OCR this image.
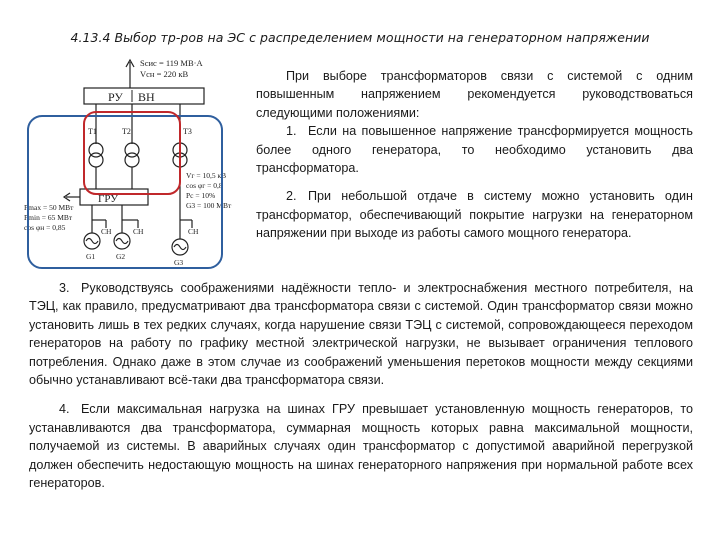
4.13.4 Выбор тр-ров на ЭС с распределением мощности на генераторном напряжении
Sсис = 119 МВ·А
Vсн = 220 кВ
РУ ВН
Т1	Т2	Т3
ГРУ
Pmax = 50 МВт
Pmin = 65 МВт
cos φн = 0,85
Vг = 10,5 кВ
cos φг = 0,8
Pс = 10%
G3 = 100 МВт
СН	СН	СН
G1	G2
G3

При выборе трансформаторов связи с системой с одним повышенным напряжением рекомендуется руководствоваться следующими положениями:

1. Если на повышенное напряжение трансформируется мощность более одного генератора, то необходимо установить два трансформатора.

2. При небольшой отдаче в систему можно установить один трансформатор, обеспечивающий покрытие нагрузки на генераторном напряжении при выходе из работы самого мощного генератора.

3. Руководствуясь соображениями надёжности тепло- и электроснабжения местного потребителя, на ТЭЦ, как правило, предусматривают два трансформатора связи с системой. Один трансформатор связи можно установить лишь в тех редких случаях, когда нарушение связи ТЭЦ с системой, сопровождающееся переходом генераторов на работу по графику местной электрической нагрузки, не вызывает ограничения теплового потребления. Однако даже в этом случае из соображений уменьшения перетоков мощности между секциями обычно устанавливают всё-таки два трансформатора связи.

4. Если максимальная нагрузка на шинах ГРУ превышает установленную мощность генераторов, то устанавливаются два трансформатора, суммарная мощность которых равна максимальной мощности, получаемой из системы. В аварийных случаях один трансформатор с допустимой аварийной перегрузкой должен обеспечить недостающую мощность на шинах генераторного напряжения при нормальной работе всех генераторов.
